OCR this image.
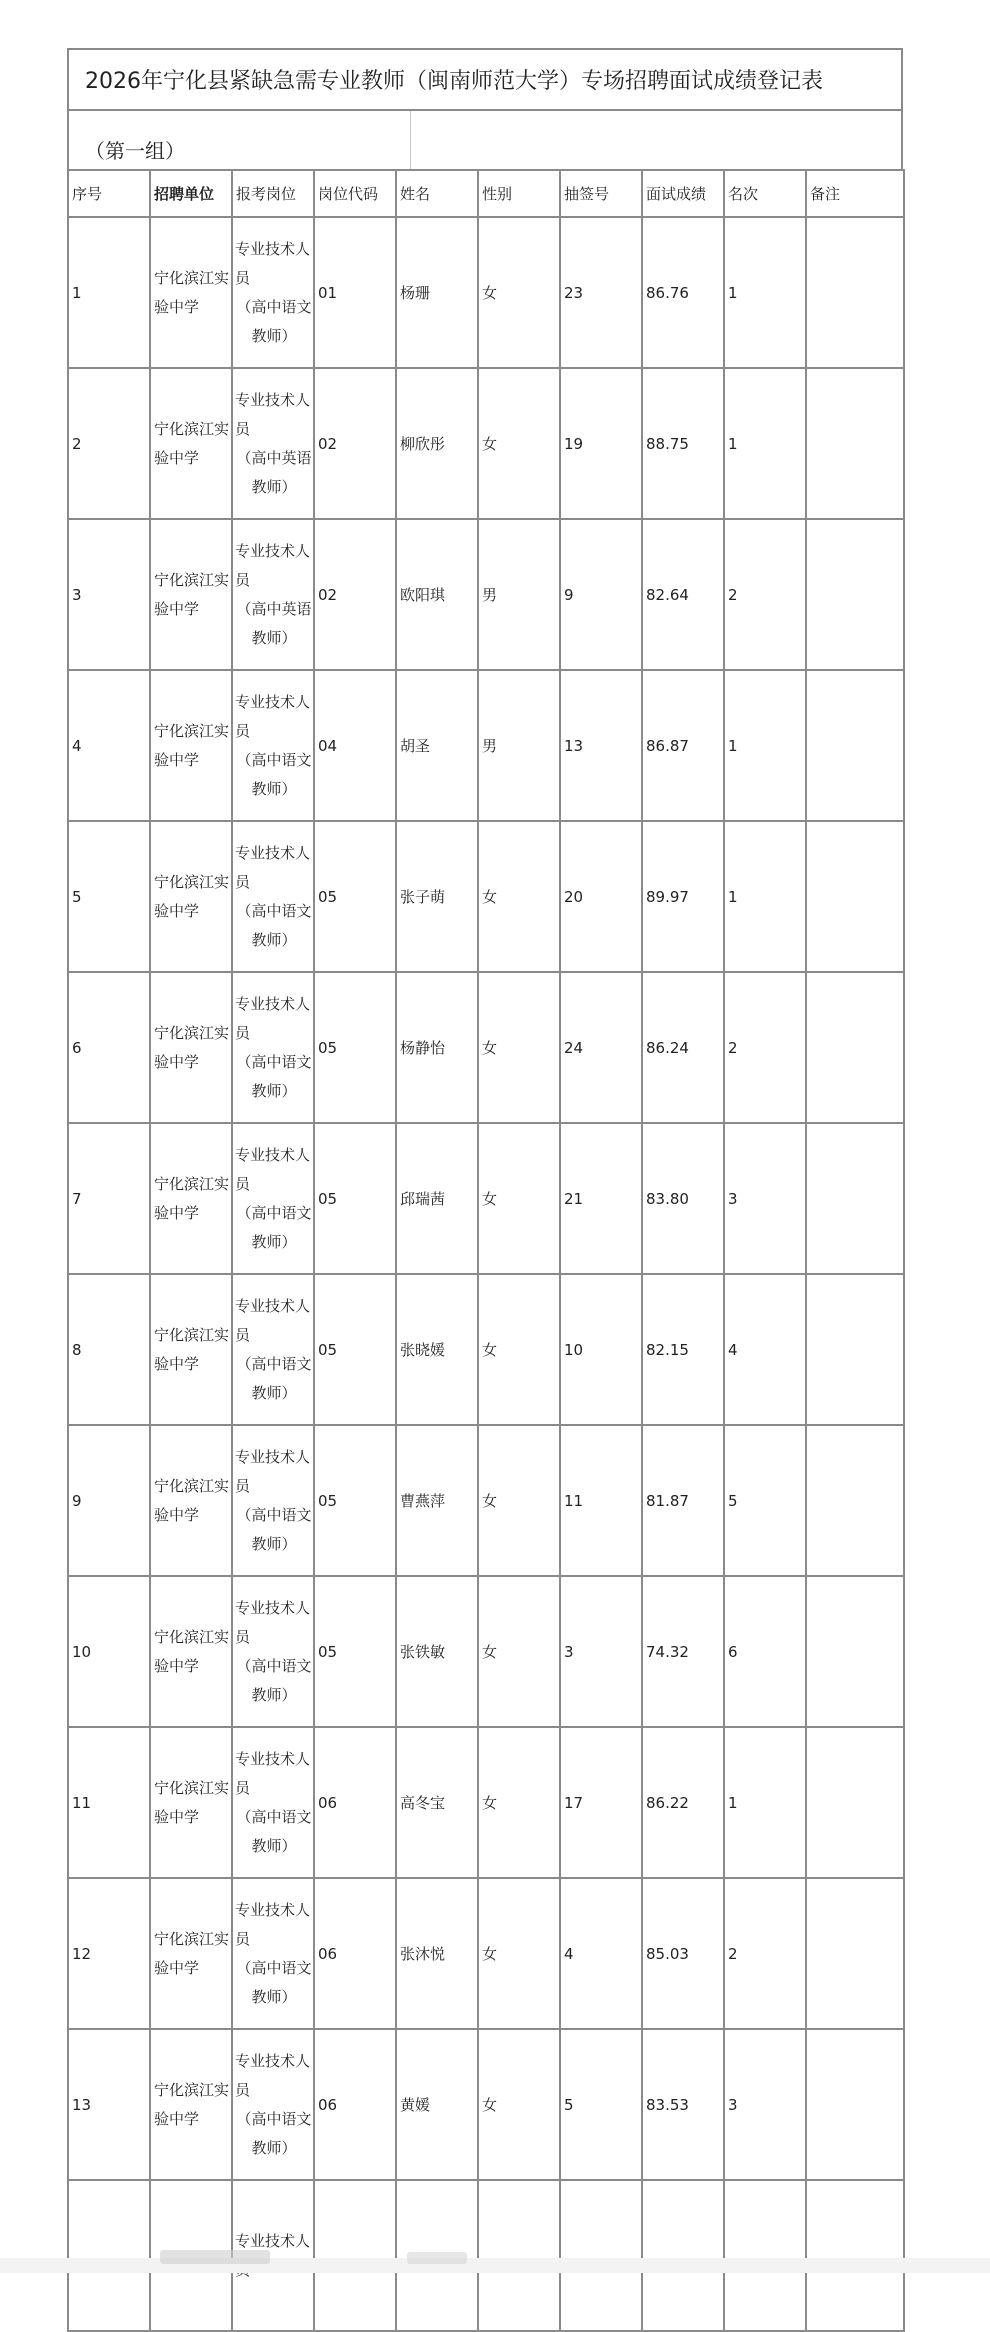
2026年宁化县紧缺急需专业教师（闽南师范大学）专场招聘面试成绩登记表
（第一组）
序号	招聘单位	报考岗位	岗位代码	姓名	性别	抽签号	面试成绩	名次	备注
1	宁化滨江实验中学	专业技术人员
（高中语文教师）	01	杨珊	女	23	86.76	1	
2	宁化滨江实验中学	专业技术人员
（高中英语教师）	02	柳欣彤	女	19	88.75	1	
3	宁化滨江实验中学	专业技术人员
（高中英语教师）	02	欧阳琪	男	9	82.64	2	
4	宁化滨江实验中学	专业技术人员
（高中语文教师）	04	胡圣	男	13	86.87	1	
5	宁化滨江实验中学	专业技术人员
（高中语文教师）	05	张子萌	女	20	89.97	1	
6	宁化滨江实验中学	专业技术人员
（高中语文教师）	05	杨静怡	女	24	86.24	2	
7	宁化滨江实验中学	专业技术人员
（高中语文教师）	05	邱瑞茜	女	21	83.80	3	
8	宁化滨江实验中学	专业技术人员
（高中语文教师）	05	张晓媛	女	10	82.15	4	
9	宁化滨江实验中学	专业技术人员
（高中语文教师）	05	曹燕萍	女	11	81.87	5	
10	宁化滨江实验中学	专业技术人员
（高中语文教师）	05	张铁敏	女	3	74.32	6	
11	宁化滨江实验中学	专业技术人员
（高中语文教师）	06	高冬宝	女	17	86.22	1	
12	宁化滨江实验中学	专业技术人员
（高中语文教师）	06	张沐悦	女	4	85.03	2	
13	宁化滨江实验中学	专业技术人员
（高中语文教师）	06	黄媛	女	5	83.53	3	

		专业技术人							
